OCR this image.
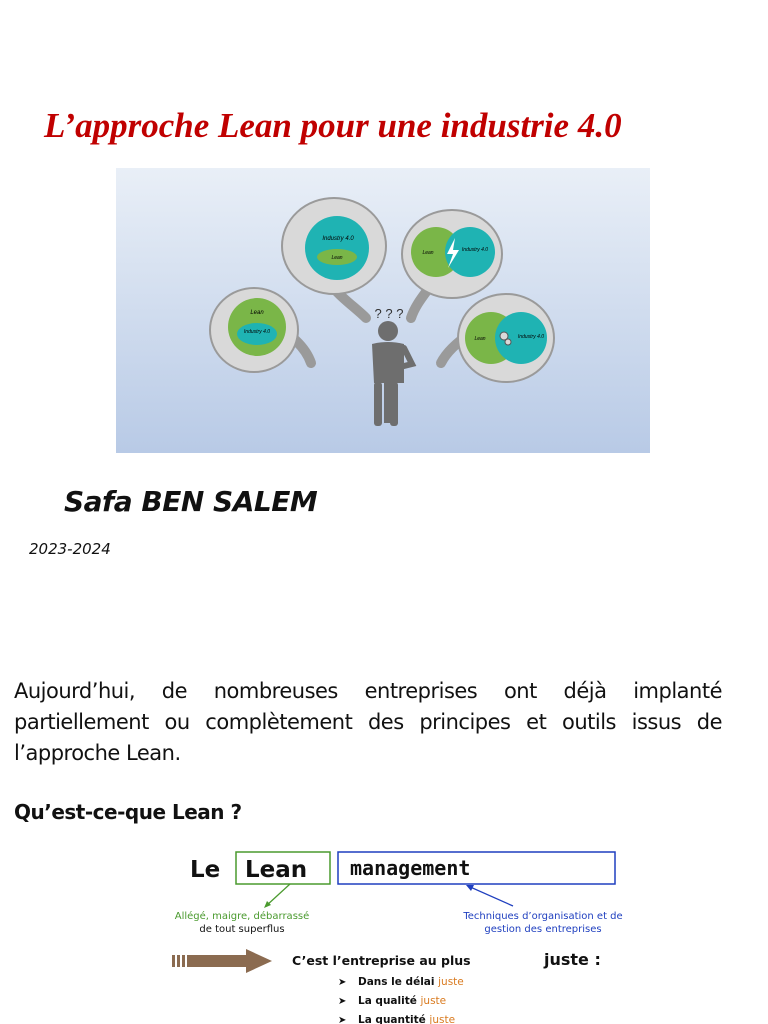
L’approche Lean pour une industrie 4.0
Lean
Industry 4.0
Industry 4.0
Lean
Lean	Industry 4.0
Lean	Industry 4.0
? ? ?
Safa BEN SALEM
2023-2024
Aujourd’hui, de nombreuses entreprises ont déjà implanté partiellement ou complètement des principes et outils issus de l’approche Lean.
Qu’est-ce-que Lean ?
Le Lean management
Allégé, maigre, débarrassé
de tout superflus
Techniques d’organisation et de
gestion des entreprises
C’est l’entreprise au plus	juste :
➤ Dans le délai juste
➤ La qualité juste
➤ La quantité juste
